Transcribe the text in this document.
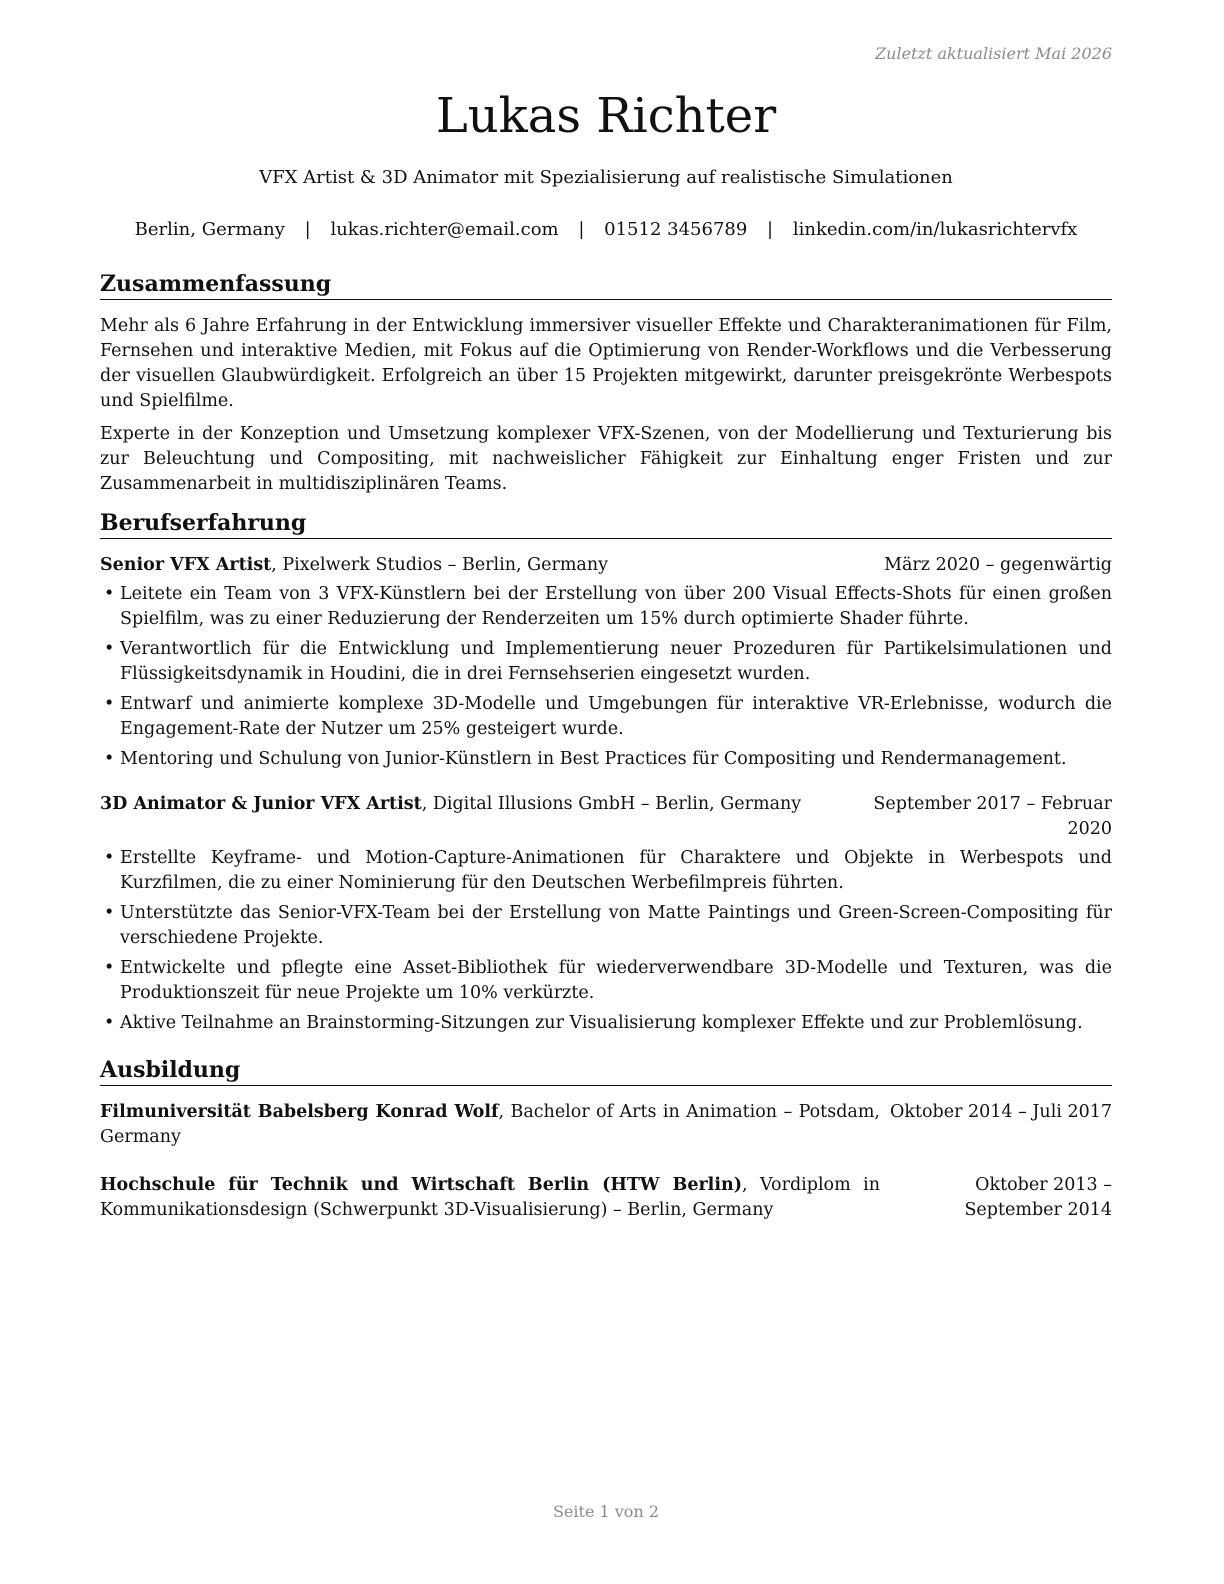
Zuletzt aktualisiert Mai 2026
Lukas Richter
VFX Artist & 3D Animator mit Spezialisierung auf realistische Simulationen
Berlin, Germany | lukas.richter@email.com | 01512 3456789 | linkedin.com/in/lukasrichtervfx
Zusammenfassung

Mehr als 6 Jahre Erfahrung in der Entwicklung immersiver visueller Effekte und Charakteranimationen für Film, Fernsehen und interaktive Medien, mit Fokus auf die Optimierung von Render-Workflows und die Verbesserung der visuellen Glaubwürdigkeit. Erfolgreich an über 15 Projekten mitgewirkt, darunter preisgekrönte Werbespots und Spielfilme.

Experte in der Konzeption und Umsetzung komplexer VFX-Szenen, von der Modellierung und Texturierung bis zur Beleuchtung und Compositing, mit nachweislicher Fähigkeit zur Einhaltung enger Fristen und zur Zusammenarbeit in multidisziplinären Teams.

Berufserfahrung
Senior VFX Artist, Pixelwerk Studios – Berlin, Germany	März 2020 – gegenwärtig
• Leitete ein Team von 3 VFX-Künstlern bei der Erstellung von über 200 Visual Effects-Shots für einen großen Spielfilm, was zu einer Reduzierung der Renderzeiten um 15% durch optimierte Shader führte.
• Verantwortlich für die Entwicklung und Implementierung neuer Prozeduren für Partikelsimulationen und Flüssigkeitsdynamik in Houdini, die in drei Fernsehserien eingesetzt wurden.
• Entwarf und animierte komplexe 3D-Modelle und Umgebungen für interaktive VR-Erlebnisse, wodurch die Engagement-Rate der Nutzer um 25% gesteigert wurde.
• Mentoring und Schulung von Junior-Künstlern in Best Practices für Compositing und Rendermanagement.
3D Animator & Junior VFX Artist, Digital Illusions GmbH – Berlin, Germany	September 2017 – Februar 2020
• Erstellte Keyframe- und Motion-Capture-Animationen für Charaktere und Objekte in Werbespots und Kurzfilmen, die zu einer Nominierung für den Deutschen Werbefilmpreis führten.
• Unterstützte das Senior-VFX-Team bei der Erstellung von Matte Paintings und Green-Screen-Compositing für verschiedene Projekte.
• Entwickelte und pflegte eine Asset-Bibliothek für wiederverwendbare 3D-Modelle und Texturen, was die Produktionszeit für neue Projekte um 10% verkürzte.
• Aktive Teilnahme an Brainstorming-Sitzungen zur Visualisierung komplexer Effekte und zur Problemlösung.
Ausbildung
Filmuniversität Babelsberg Konrad Wolf, Bachelor of Arts in Animation – Potsdam, Germany
Oktober 2014 – Juli 2017
Hochschule für Technik und Wirtschaft Berlin (HTW Berlin), Vordiplom in Kommunikationsdesign (Schwerpunkt 3D-Visualisierung) – Berlin, Germany
Oktober 2013 – September 2014
Seite 1 von 2
